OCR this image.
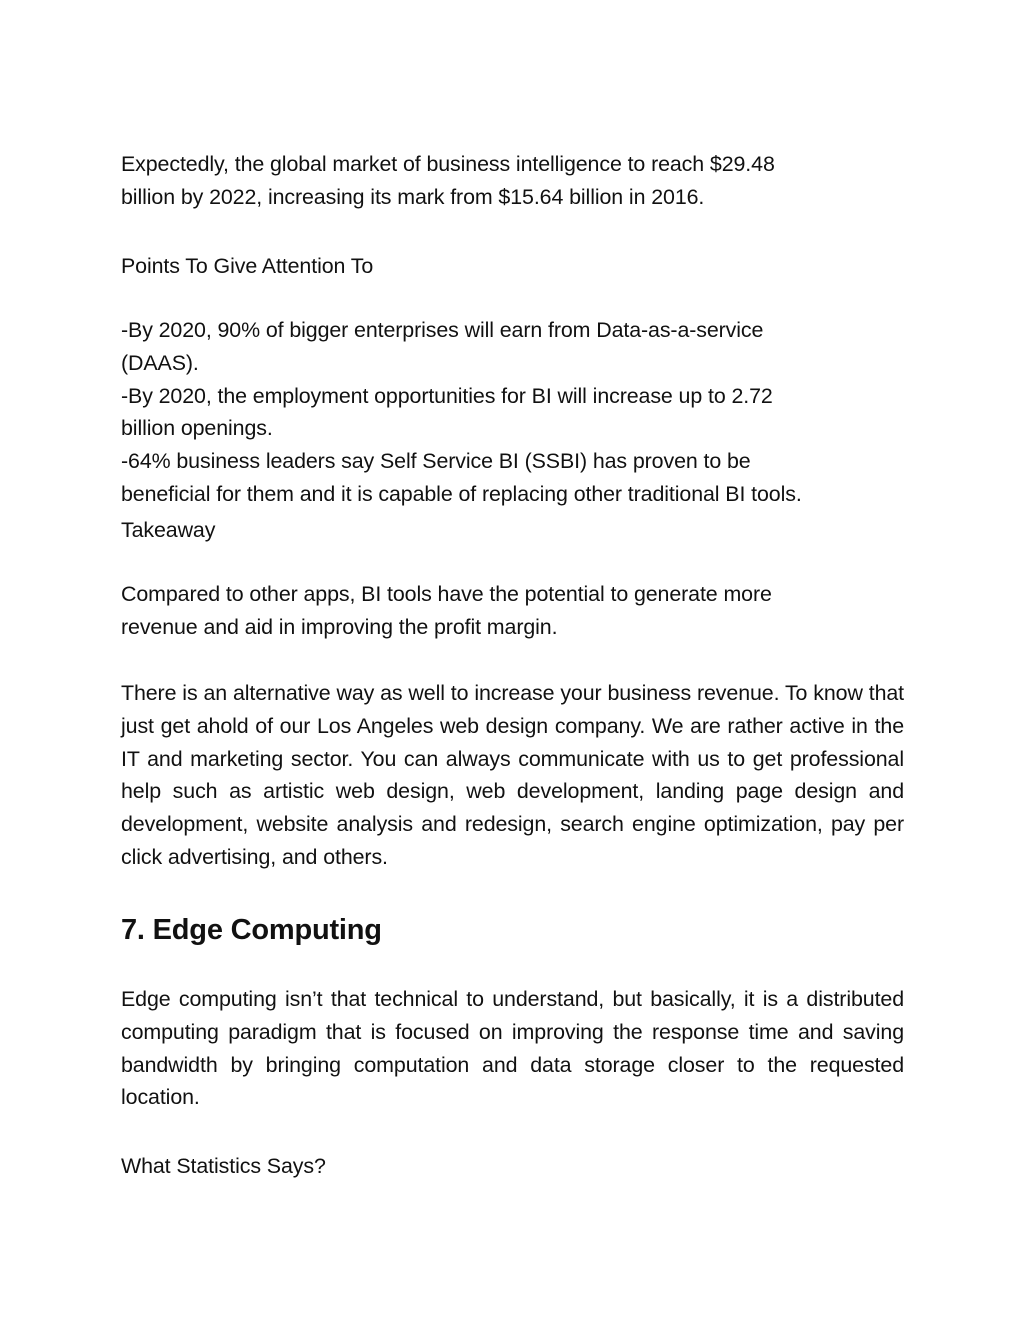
Expectedly, the global market of business intelligence to reach $29.48
billion by 2022, increasing its mark from $15.64 billion in 2016.

Points To Give Attention To

-By 2020, 90% of bigger enterprises will earn from Data-as-a-service
(DAAS).
-By 2020, the employment opportunities for BI will increase up to 2.72
billion openings.
-64% business leaders say Self Service BI (SSBI) has proven to be
beneficial for them and it is capable of replacing other traditional BI tools.

Takeaway

Compared to other apps, BI tools have the potential to generate more
revenue and aid in improving the profit margin.

There is an alternative way as well to increase your business revenue. To know that just get ahold of our Los Angeles web design company. We are rather active in the IT and marketing sector. You can always communicate with us to get professional help such as artistic web design, web development, landing page design and development, website analysis and redesign, search engine optimization, pay per click advertising, and others.

7. Edge Computing

Edge computing isn’t that technical to understand, but basically, it is a distributed computing paradigm that is focused on improving the response time and saving bandwidth by bringing computation and data storage closer to the requested location.

What Statistics Says?
